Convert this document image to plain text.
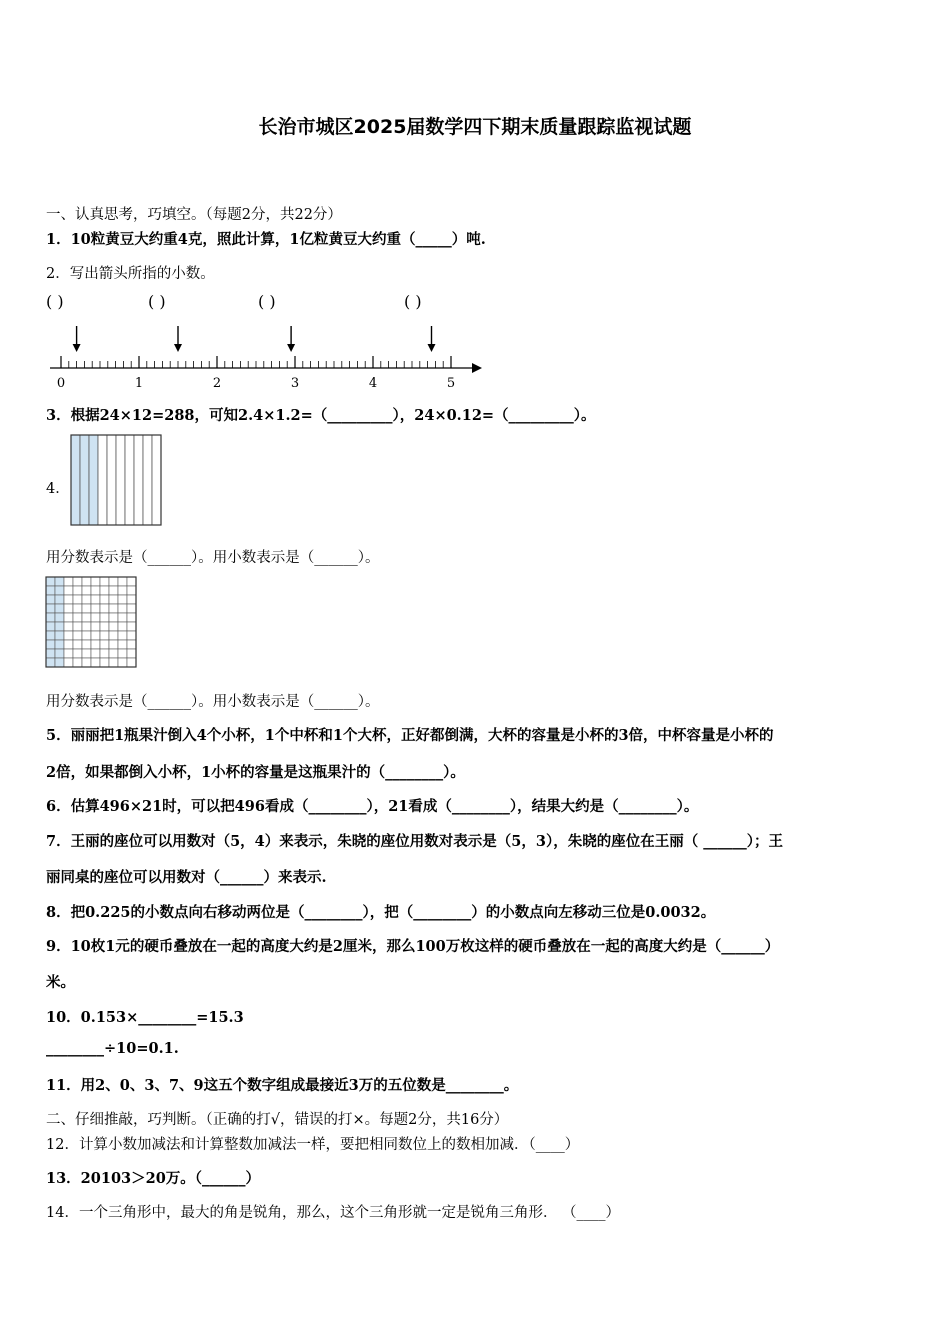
长治市城区2025届数学四下期末质量跟踪监视试题
一、认真思考，巧填空。（每题2分，共22分）
1．10粒黄豆大约重4克，照此计算，1亿粒黄豆大约重（_____）吨.
2．写出箭头所指的小数。
( )	( )	( )	( )
0	1	2	3	4	5
3．根据24×12=288，可知2.4×1.2=（_________），24×0.12=（_________）。
4．
用分数表示是（______）。用小数表示是（______）。
用分数表示是（______）。用小数表示是（______）。
5．丽丽把1瓶果汁倒入4个小杯，1个中杯和1个大杯，正好都倒满，大杯的容量是小杯的3倍，中杯容量是小杯的
2倍，如果都倒入小杯，1小杯的容量是这瓶果汁的（________）。
6．估算496×21时，可以把496看成（________），21看成（________），结果大约是（________）。
7．王丽的座位可以用数对（5，4）来表示，朱晓的座位用数对表示是（5，3），朱晓的座位在王丽（ ______）；王
丽同桌的座位可以用数对（______）来表示.
8．把0.225的小数点向右移动两位是（________），把（________）的小数点向左移动三位是0.0032。
9．10枚1元的硬币叠放在一起的高度大约是2厘米，那么100万枚这样的硬币叠放在一起的高度大约是（______）
米。
10．0.153×________=15.3
________÷10=0.1.
11．用2、0、3、7、9这五个数字组成最接近3万的五位数是________。
二、仔细推敲，巧判断。（正确的打√，错误的打×。每题2分，共16分）
12．计算小数加减法和计算整数加减法一样，要把相同数位上的数相加减．（____）
13．20103＞20万。（______）
14．一个三角形中，最大的角是锐角，那么，这个三角形就一定是锐角三角形． （____）
